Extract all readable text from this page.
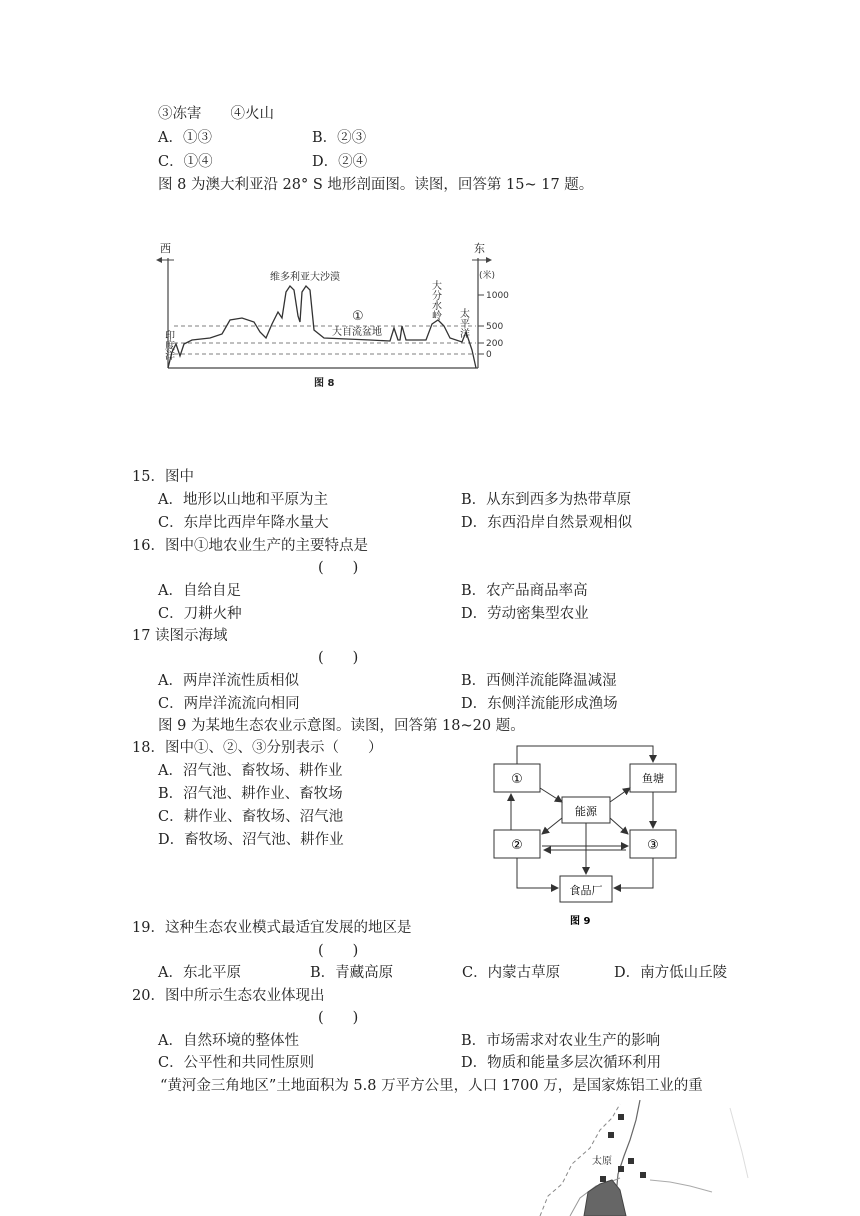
③冻害　　④火山
A．①③	B．②③
C．①④	D．②④
图 8 为澳大利亚沿 28° S 地形剖面图。读图，回答第 15~ 17 题。
西	东
(米)
1000
500
200
0
维多利亚大沙漠
①
大自流盆地
印度洋
大分水岭
太平洋
图 8
15．图中
A．地形以山地和平原为主	B．从东到西多为热带草原
C．东岸比西岸年降水量大	D．东西沿岸自然景观相似
16．图中①地农业生产的主要特点是
(　　)
A．自给自足	B．农产品商品率高
C．刀耕火种	D．劳动密集型农业
17 读图示海域
(　　)
A．两岸洋流性质相似	B．西侧洋流能降温减湿
C．两岸洋流流向相同	D．东侧洋流能形成渔场
图 9 为某地生态农业示意图。读图，回答第 18~20 题。
18．图中①、②、③分别表示（　　）
A．沼气池、畜牧场、耕作业
B．沼气池、耕作业、畜牧场
C．耕作业、畜牧场、沼气池
D．畜牧场、沼气池、耕作业
①
②	③
鱼塘
能源
食品厂
图 9
19．这种生态农业模式最适宜发展的地区是
(　　)
A．东北平原	B．青藏高原	C．内蒙古草原	D．南方低山丘陵
20．图中所示生态农业体现出
(　　)
A．自然环境的整体性	B．市场需求对农业生产的影响
C．公平性和共同性原则	D．物质和能量多层次循环利用
“黄河金三角地区”土地面积为 5.8 万平方公里，人口 1700 万，是国家炼铝工业的重
太原
